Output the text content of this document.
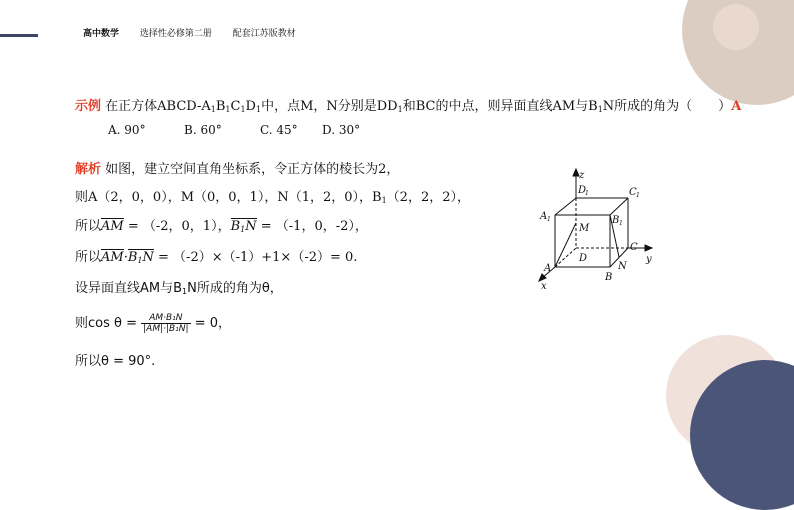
高中数学 选择性必修第二册 配套江苏版教材
示例 在正方体ABCD-$A_1B_1C_1D_1$中，点M，N分别是$DD_1$和BC的中点，则异面直线AM与$B_1N$所成的角为（　　）A
A. 90°	B. 60°	C. 45° D. 30°
解析 如图，建立空间直角坐标系，令正方体的棱长为2，
则A（2，0，0），M（0，0，1），N（1，2，0），$B_1(2$，2，2），
所以AM = （-2，0，1），$B_1N = (-1$，0，-2），
所以$AM\cdot B_1N = (-2)\times(-1)+1\times(-2)= 0$.
设异面直线AM与$B_1N$所成的角为θ，
则$\cos \theta = \frac{\text{AM·B₁N}}{\text{|AM|·|B₁N|}} = 0$，
所以θ = 90°.
z
y
x
A
B
C
D
A	B
C
D
M
N
1
1
1
1
